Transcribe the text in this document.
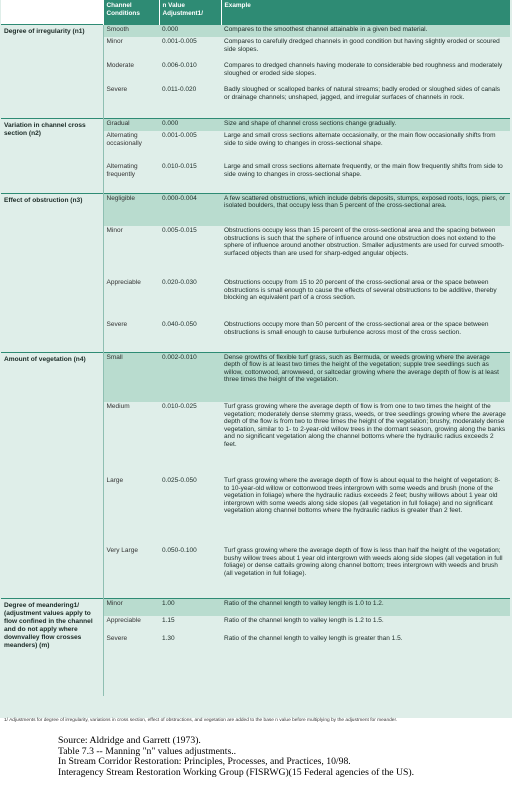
	Channel Conditions	n Value Adjustment1/	Example
Degree of irregularity (n1)	Smooth	0.000	Compares to the smoothest channel attainable in a given bed material.
	Minor	0.001-0.005	Compares to carefully dredged channels in good condition but having slightly eroded or scoured side slopes.
	Moderate	0.006-0.010	Compares to dredged channels having moderate to considerable bed roughness and moderately sloughed or eroded side slopes.
	Severe	0.011-0.020	Badly sloughed or scalloped banks of natural streams; badly eroded or sloughed sides of canals or drainage channels; unshaped, jagged, and irregular surfaces of channels in rock.
Variation in channel cross section (n2)	Gradual	0.000	Size and shape of channel cross sections change gradually.
	Alternating occasionally	0.001-0.005	Large and small cross sections alternate occasionally, or the main flow occasionally shifts from side to side owing to changes in cross-sectional shape.
	Alternating frequently	0.010-0.015	Large and small cross sections alternate frequently, or the main flow frequently shifts from side to side owing to changes in cross-sectional shape.
Effect of obstruction (n3)	Negligible	0.000-0.004	A few scattered obstructions, which include debris deposits, stumps, exposed roots, logs, piers, or isolated boulders, that occupy less than 5 percent of the cross-sectional area.
	Minor	0.005-0.015	Obstructions occupy less than 15 percent of the cross-sectional area and the spacing between obstructions is such that the sphere of influence around one obstruction does not extend to the sphere of influence around another obstruction. Smaller adjustments are used for curved smooth-surfaced objects than are used for sharp-edged angular objects.
	Appreciable	0.020-0.030	Obstructions occupy from 15 to 20 percent of the cross-sectional area or the space between obstructions is small enough to cause the effects of several obstructions to be additive, thereby blocking an equivalent part of a cross section.
	Severe	0.040-0.050	Obstructions occupy more than 50 percent of the cross-sectional area or the space between obstructions is small enough to cause turbulence across most of the cross section.
Amount of vegetation (n4)	Small	0.002-0.010	Dense growths of flexible turf grass, such as Bermuda, or weeds growing where the average depth of flow is at least two times the height of the vegetation; supple tree seedlings such as willow, cottonwood, arrowweed, or saltcedar growing where the average depth of flow is at least three times the height of the vegetation.
	Medium	0.010-0.025	Turf grass growing where the average depth of flow is from one to two times the height of the vegetation; moderately dense stemmy grass, weeds, or tree seedlings growing where the average depth of the flow is from two to three times the height of the vegetation; brushy, moderately dense vegetation, similar to 1- to 2-year-old willow trees in the dormant season, growing along the banks and no significant vegetation along the channel bottoms where the hydraulic radius exceeds 2 feet.
	Large	0.025-0.050	Turf grass growing where the average depth of flow is about equal to the height of vegetation; 8- to 10-year-old willow or cottonwood trees intergrown with some weeds and brush (none of the vegetation in foliage) where the hydraulic radius exceeds 2 feet; bushy willows about 1 year old intergrown with some weeds along side slopes (all vegetation in full foliage) and no significant vegetation along channel bottoms where the hydraulic radius is greater than 2 feet.
	Very Large	0.050-0.100	Turf grass growing where the average depth of flow is less than half the height of the vegetation; bushy willow trees about 1 year old intergrown with weeds along side slopes (all vegetation in full foliage) or dense cattails growing along channel bottom; trees intergrown with weeds and brush (all vegetation in full foliage).
Degree of meandering1/ (adjustment values apply to flow confined in the channel and do not apply where downvalley flow crosses meanders) (m)	Minor	1.00	Ratio of the channel length to valley length is 1.0 to 1.2.
	Appreciable	1.15	Ratio of the channel length to valley length is 1.2 to 1.5.
	Severe	1.30	Ratio of the channel length to valley length is greater than 1.5.
1/ Adjustments for degree of irregularity, variations in cross section, effect of obstructions, and vegetation are added to the base n value before multiplying by the adjustment for meander.
Source: Aldridge and Garrett (1973).
Table 7.3 -- Manning "n" values adjustments..
In Stream Corridor Restoration: Principles, Processes, and Practices, 10/98.
Interagency Stream Restoration Working Group (FISRWG)(15 Federal agencies of the US).
